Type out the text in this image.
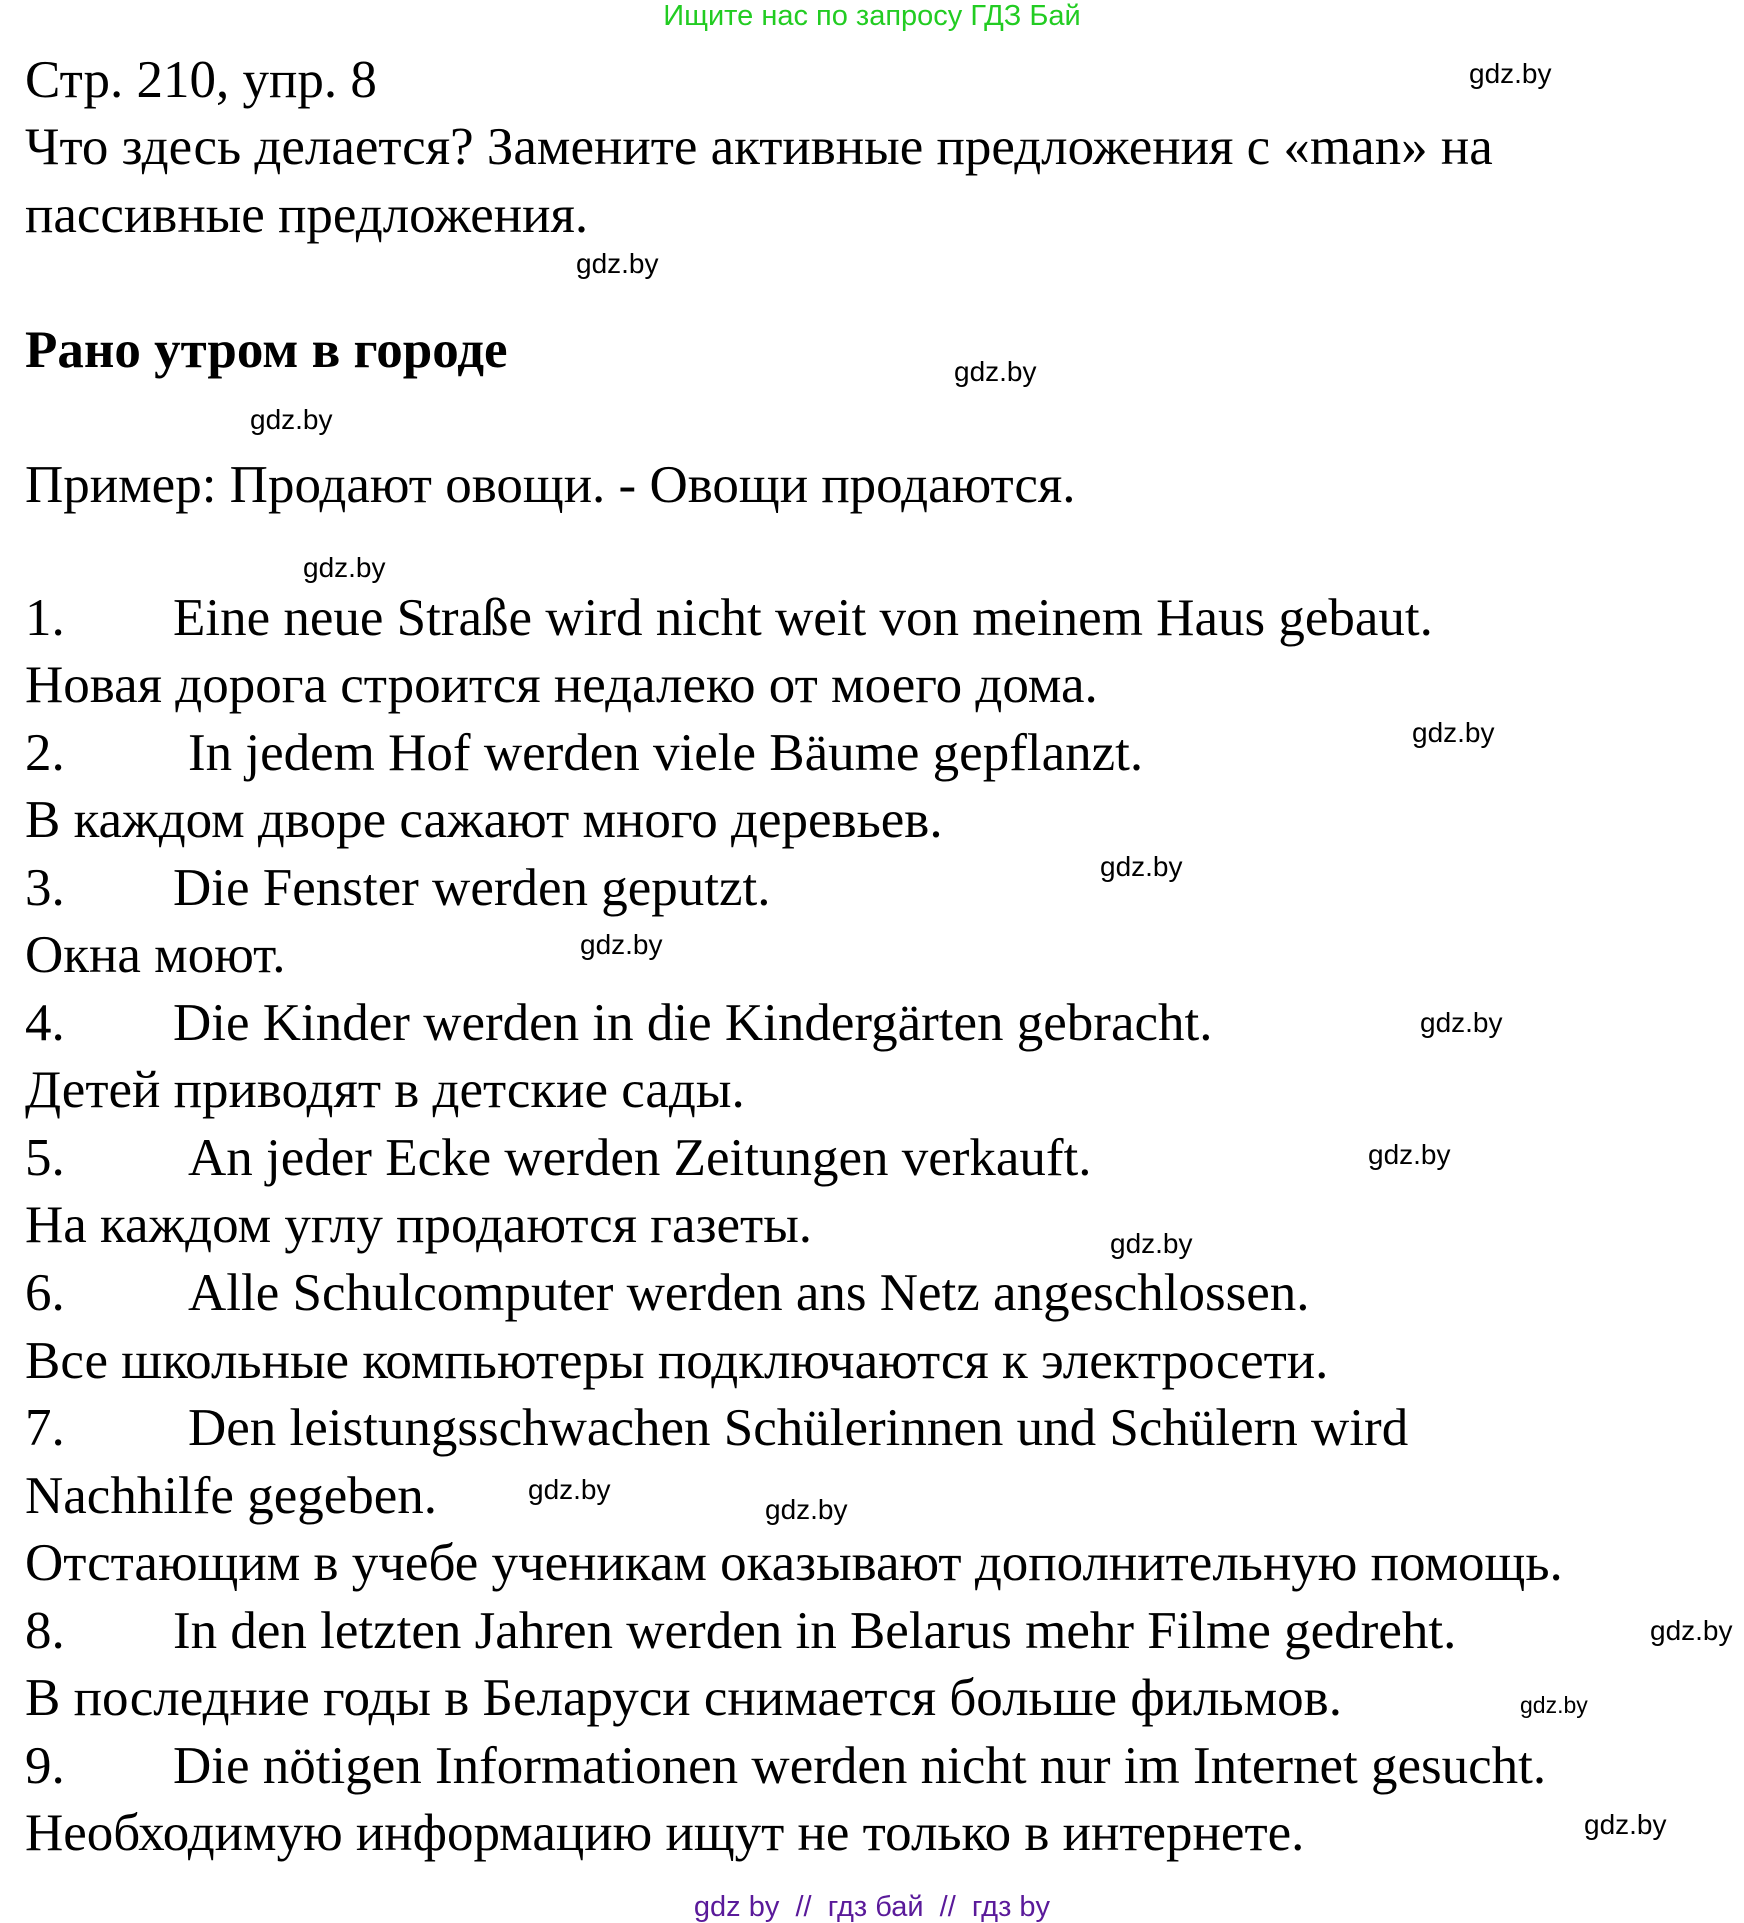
Ищите нас по запросу ГДЗ Бай
Стр. 210, упр. 8
Что здесь делается? Замените активные предложения с «man» на
пассивные предложения.
Рано утром в городе
Пример: Продают овощи. - Овощи продаются.
1. Eine neue Straße wird nicht weit von meinem Haus gebaut.
Новая дорога строится недалеко от моего дома.
2. In jedem Hof werden viele Bäume gepflanzt.
В каждом дворе сажают много деревьев.
3. Die Fenster werden geputzt.
Окна моют.
4. Die Kinder werden in die Kindergärten gebracht.
Детей приводят в детские сады.
5. An jeder Ecke werden Zeitungen verkauft.
На каждом углу продаются газеты.
6. Alle Schulcomputer werden ans Netz angeschlossen.
Все школьные компьютеры подключаются к электросети.
7. Den leistungsschwachen Schülerinnen und Schülern wird
Nachhilfe gegeben.
Отстающим в учебе ученикам оказывают дополнительную помощь.
8. In den letzten Jahren werden in Belarus mehr Filme gedreht.
В последние годы в Беларуси снимается больше фильмов.
9. Die nötigen Informationen werden nicht nur im Internet gesucht.
Необходимую информацию ищут не только в интернете.
gdz.by
gdz.by
gdz.by
gdz.by
gdz.by
gdz.by
gdz.by
gdz.by
gdz.by
gdz.by
gdz.by
gdz.by
gdz.by
gdz.by
gdz.by
gdz.by
gdz by  //  гдз бай  //  гдз by
